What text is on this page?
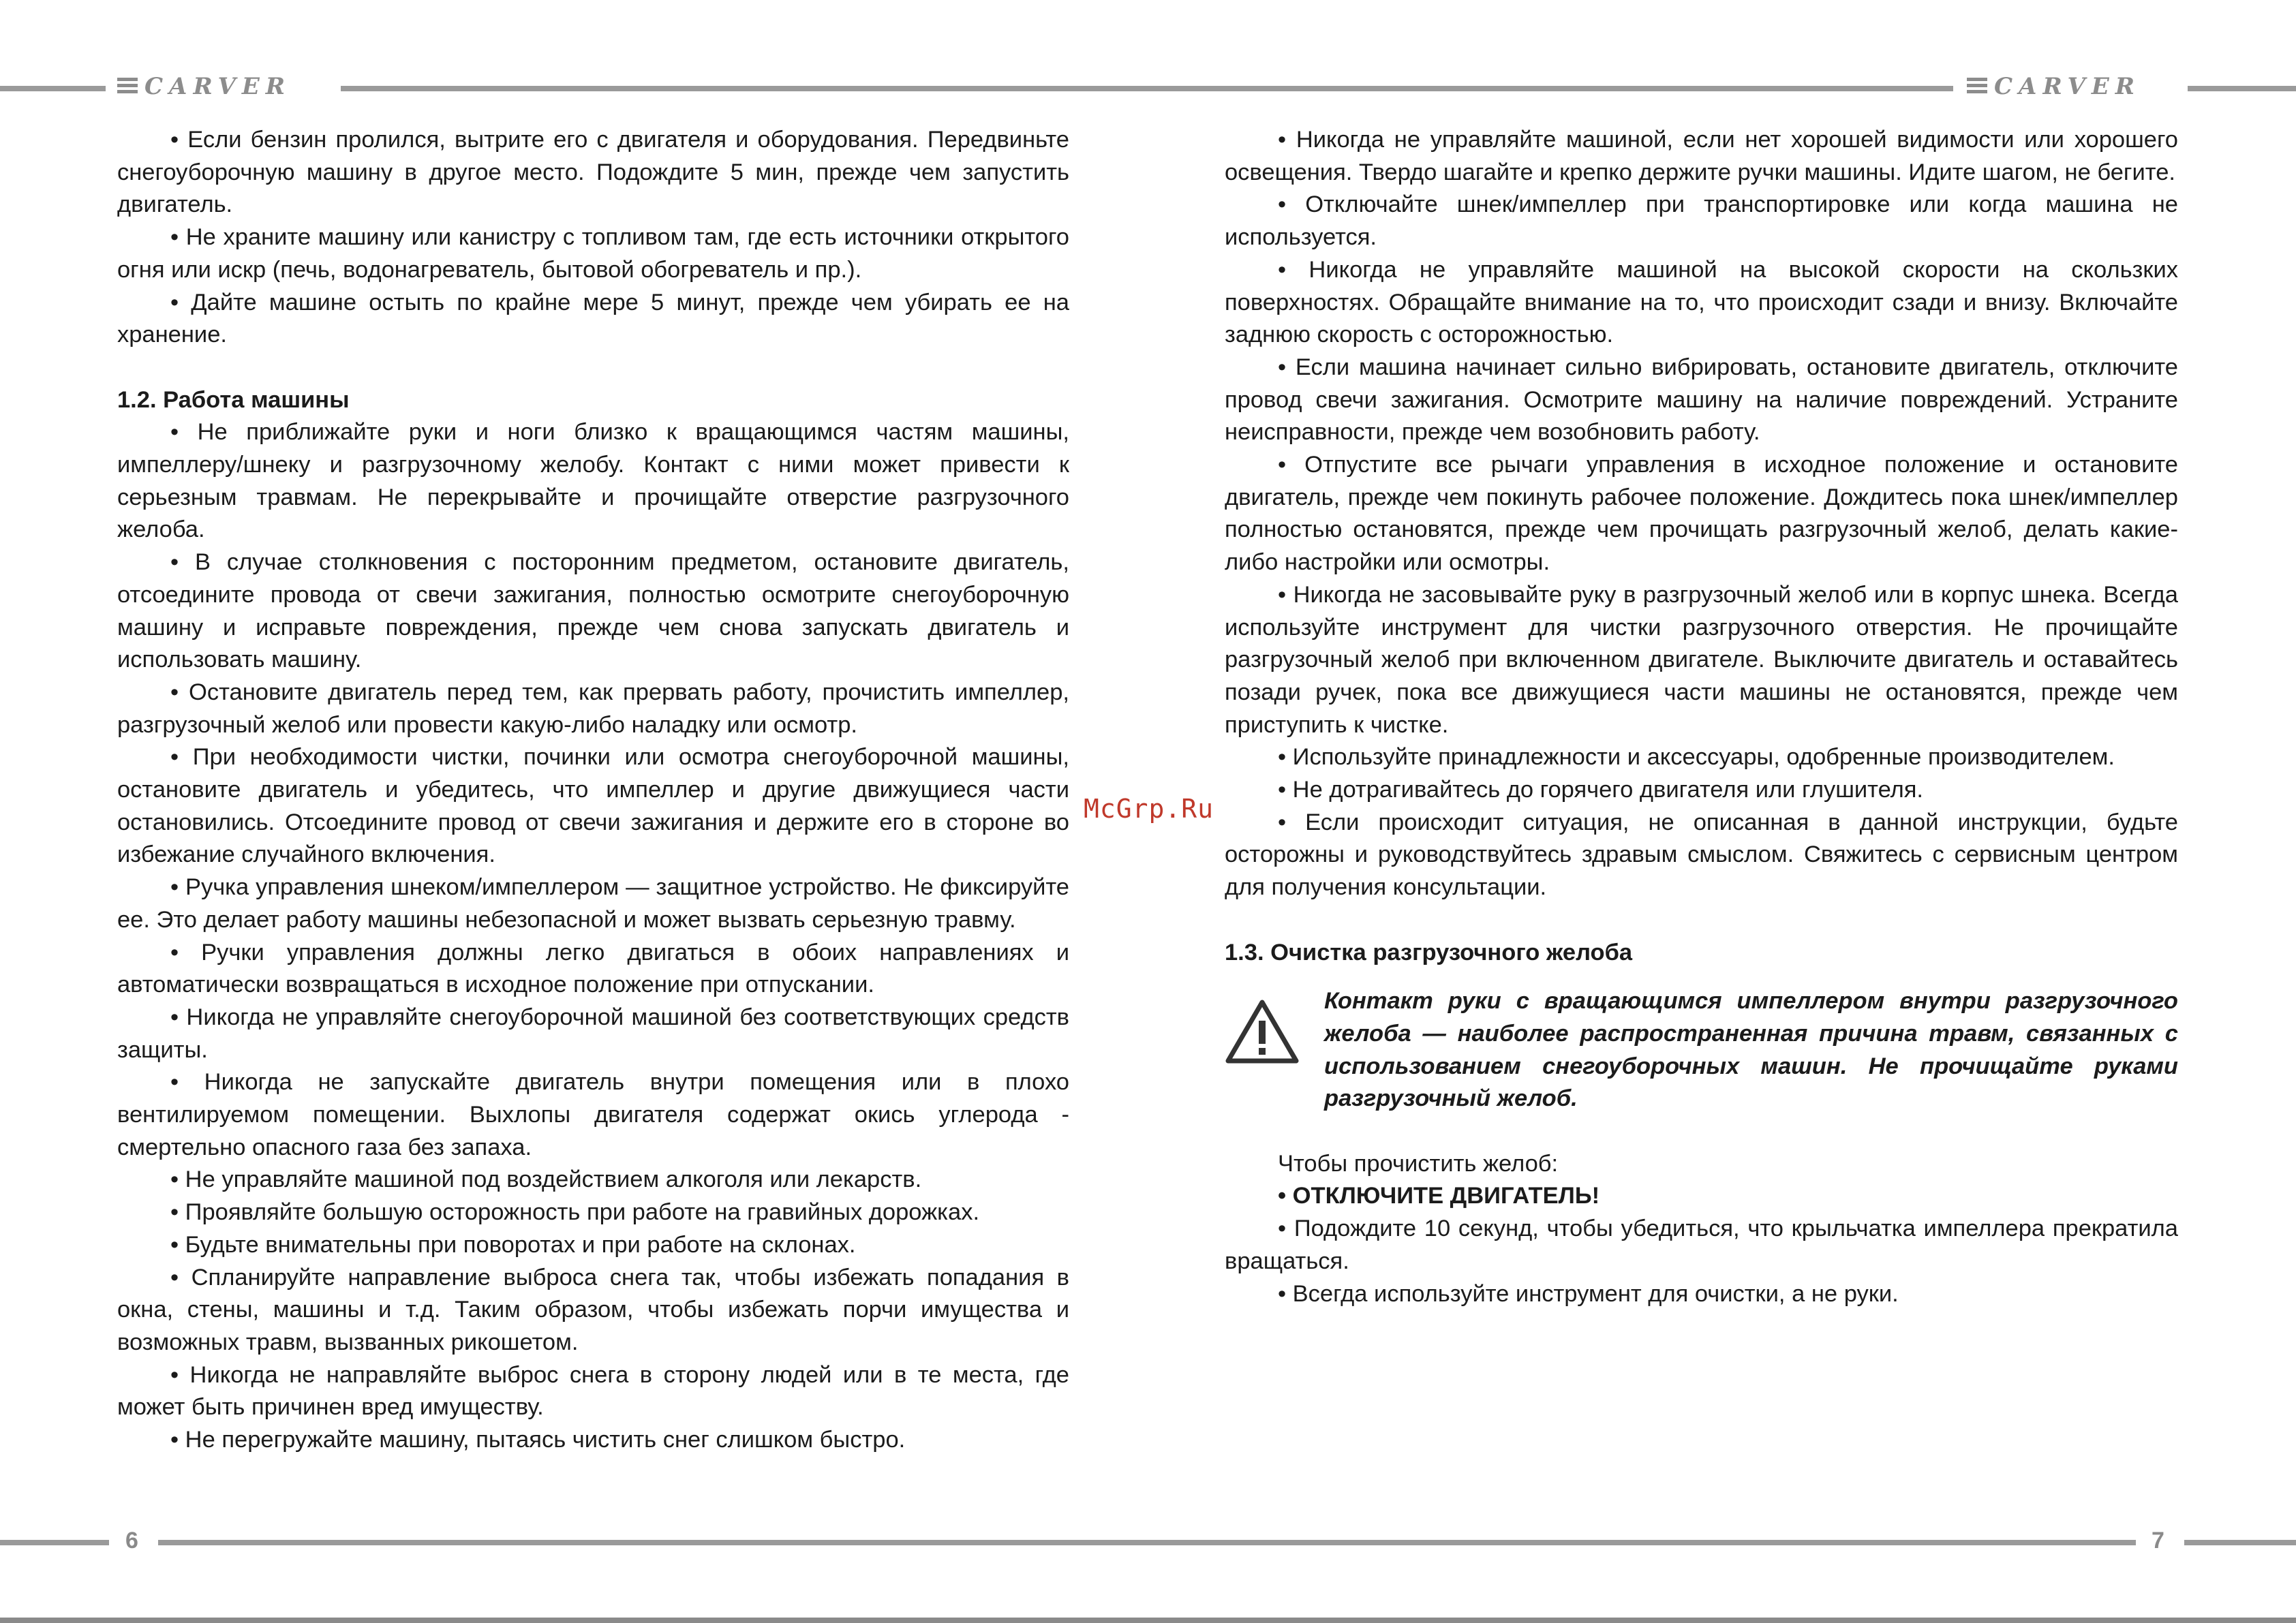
CARVER	CARVER

• Если бензин пролился, вытрите его с двигателя и оборудования. Передвиньте снегоуборочную машину в другое место. Подождите 5 мин, прежде чем запустить двигатель.

• Не храните машину или канистру с топливом там, где есть источники открытого огня или искр (печь, водонагреватель, бытовой обогреватель и пр.).

• Дайте машине остыть по крайне мере 5 минут, прежде чем убирать ее на хранение.

1.2. Работа машины

• Не приближайте руки и ноги близко к вращающимся частям машины, импеллеру/шнеку и разгрузочному желобу. Контакт с ними может привести к серьезным травмам. Не перекрывайте и прочищайте отверстие разгрузочного желоба.

• В случае столкновения с посторонним предметом, остановите двигатель, отсоедините провода от свечи зажигания, полностью осмотрите снегоуборочную машину и исправьте повреждения, прежде чем снова запускать двигатель и использовать машину.

• Остановите двигатель перед тем, как прервать работу, прочистить импеллер, разгрузочный желоб или провести какую-либо наладку или осмотр.

• При необходимости чистки, починки или осмотра снегоуборочной машины, остановите двигатель и убедитесь, что импеллер и другие движущиеся части остановились. Отсоедините провод от свечи зажигания и держите его в стороне во избежание случайного включения.

• Ручка управления шнеком/импеллером — защитное устройство. Не фиксируйте ее. Это делает работу машины небезопасной и может вызвать серьезную травму.

• Ручки управления должны легко двигаться в обоих направлениях и автоматически возвращаться в исходное положение при отпускании.

• Никогда не управляйте снегоуборочной машиной без соответствующих средств защиты.

• Никогда не запускайте двигатель внутри помещения или в плохо вентилируемом помещении. Выхлопы двигателя содержат окись углерода - смертельно опасного газа без запаха.

• Не управляйте машиной под воздействием алкоголя или лекарств.

• Проявляйте большую осторожность при работе на гравийных дорожках.

• Будьте внимательны при поворотах и при работе на склонах.

• Спланируйте направление выброса снега так, чтобы избежать попадания в окна, стены, машины и т.д. Таким образом, чтобы избежать порчи имущества и возможных травм, вызванных рикошетом.

• Никогда не направляйте выброс снега в сторону людей или в те места, где может быть причинен вред имуществу.

• Не перегружайте машину, пытаясь чистить снег слишком быстро.

McGrp.Ru

• Никогда не управляйте машиной, если нет хорошей видимости или хорошего освещения. Твердо шагайте и крепко держите ручки машины. Идите шагом, не бегите.

• Отключайте шнек/импеллер при транспортировке или когда машина не используется.

• Никогда не управляйте машиной на высокой скорости на скользких поверхностях. Обращайте внимание на то, что происходит сзади и внизу. Включайте заднюю скорость с осторожностью.

• Если машина начинает сильно вибрировать, остановите двигатель, отключите провод свечи зажигания. Осмотрите машину на наличие повреждений. Устраните неисправности, прежде чем возобновить работу.

• Отпустите все рычаги управления в исходное положение и остановите двигатель, прежде чем покинуть рабочее положение. Дождитесь пока шнек/импеллер полностью остановятся, прежде чем прочищать разгрузочный желоб, делать какие-либо настройки или осмотры.

• Никогда не засовывайте руку в разгрузочный желоб или в корпус шнека. Всегда используйте инструмент для чистки разгрузочного отверстия. Не прочищайте разгрузочный желоб при включенном двигателе. Выключите двигатель и оставайтесь позади ручек, пока все движущиеся части машины не остановятся, прежде чем приступить к чистке.

• Используйте принадлежности и аксессуары, одобренные производителем.

• Не дотрагивайтесь до горячего двигателя или глушителя.

• Если происходит ситуация, не описанная в данной инструкции, будьте осторожны и руководствуйтесь здравым смыслом. Свяжитесь с сервисным центром для получения консультации.

1.3. Очистка разгрузочного желоба

Контакт руки с вращающимся импеллером внутри разгрузочного желоба — наиболее распространенная причина травм, связанных с использованием снегоуборочных машин. Не прочищайте руками разгрузочный желоб.

Чтобы прочистить желоб:

• ОТКЛЮЧИТЕ ДВИГАТЕЛЬ!

• Подождите 10 секунд, чтобы убедиться, что крыльчатка импеллера прекратила вращаться.

• Всегда используйте инструмент для очистки, а не руки.

6	7
